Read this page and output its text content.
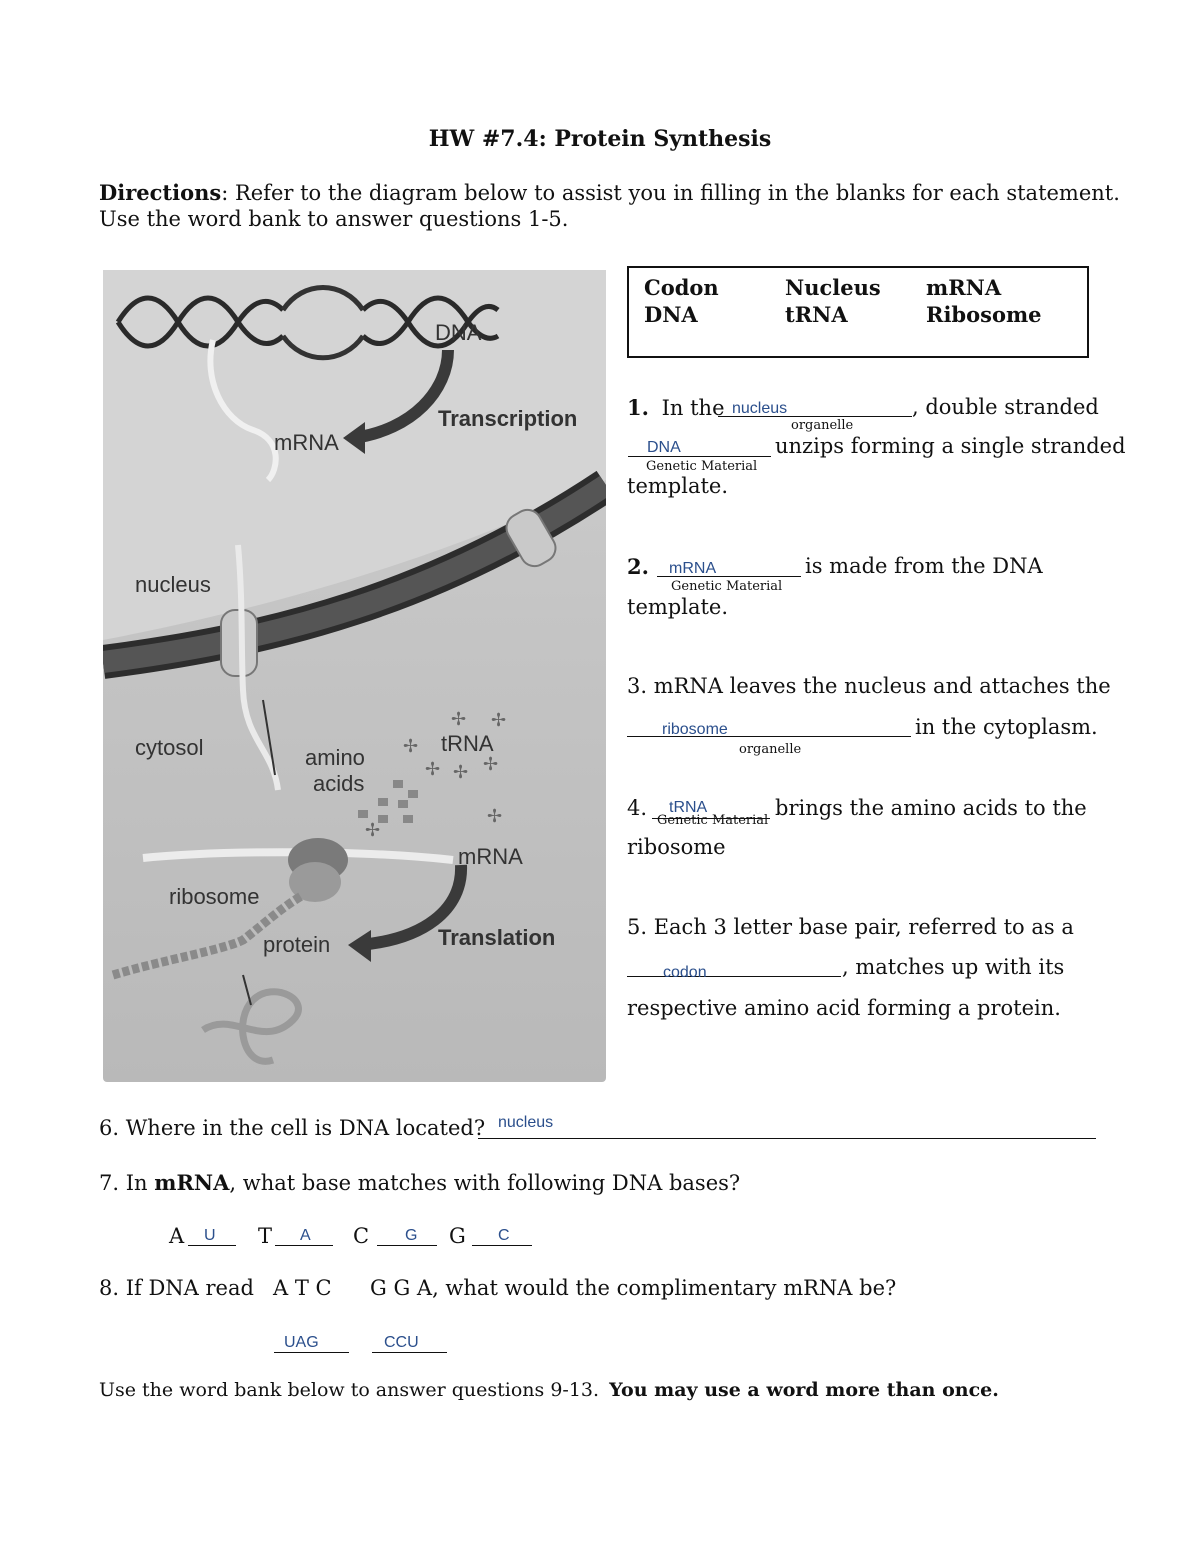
HW #7.4: Protein Synthesis
Directions: Refer to the diagram below to assist you in filling in the blanks for each statement.
Use the word bank to answer questions 1-5.
✢ ✢
✢
✢
✢ ✢
✢
✢
DNA
Transcription
mRNA
nucleus
cytosol	amino
acids
tRNA
mRNA
ribosome
protein	Translation
Codon	Nucleus mRNA
DNA	tRNA	Ribosome
1. In the nucleus
organelle
, double stranded
DNA
Genetic Material
unzips forming a single stranded
template.
2. mRNA
Genetic Material
is made from the DNA
template.
3. mRNA leaves the nucleus and attaches the
ribosome
organelle
in the cytoplasm.
4. tRNA
Genetic Material
brings the amino acids to the
ribosome
5. Each 3 letter base pair, referred to as a
codon	, matches up with its
respective amino acid forming a protein.
6. Where in the cell is DNA located? nucleus
7. In mRNA, what base matches with following DNA bases?
A U T A C G G C
8. If DNA read A T C G G A, what would the complimentary mRNA be?
UAG	CCU
Use the word bank below to answer questions 9-13. You may use a word more than once.
